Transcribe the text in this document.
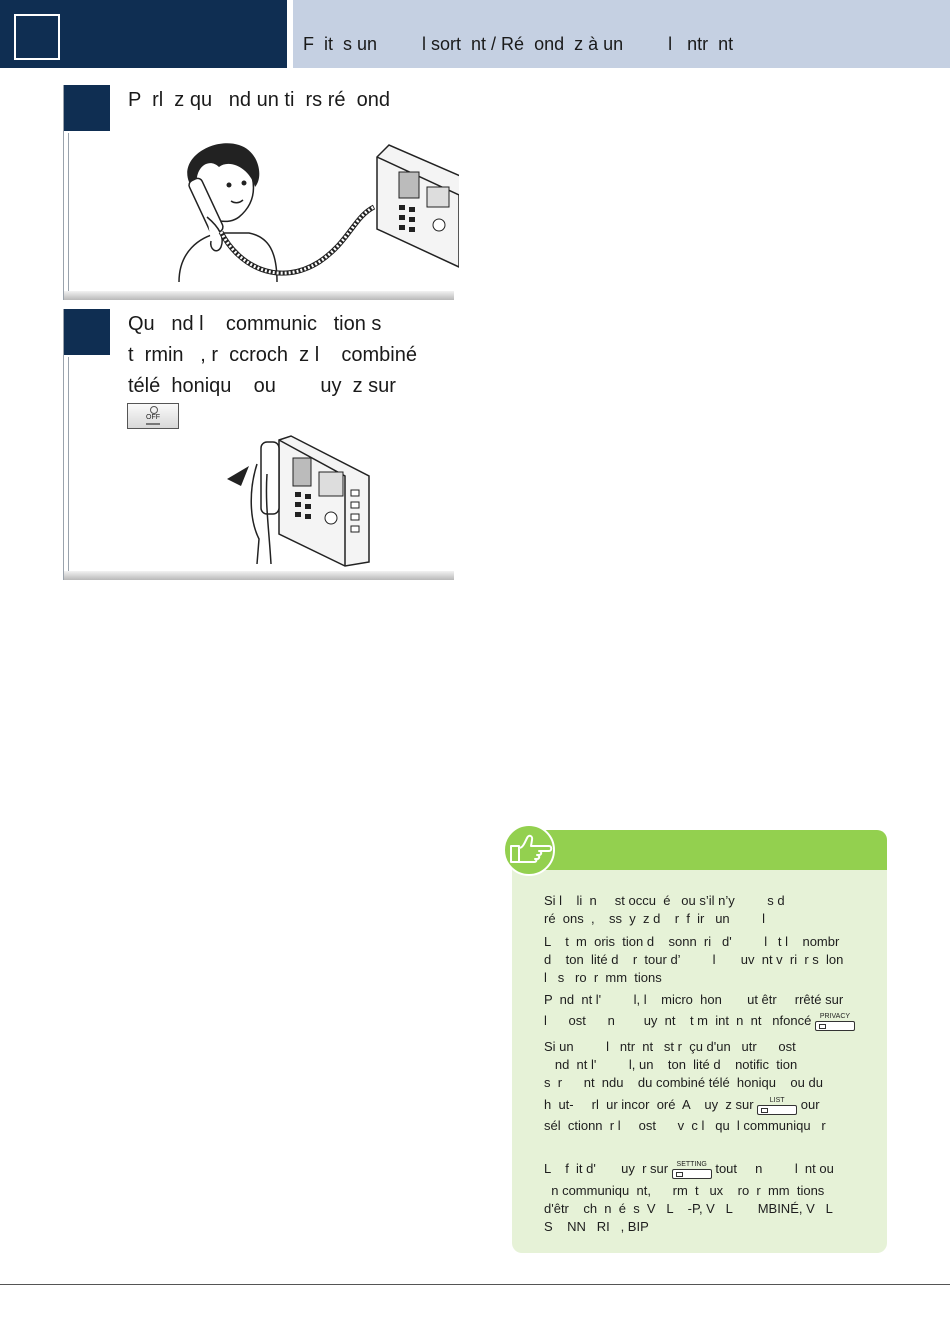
F  it  s un         l sort  nt / Ré  ond  z à un         l   ntr  nt
P  rl  z qu   nd un ti  rs ré  ond
Qu   nd l    communic   tion s
t  rmin   , r  ccroch  z l    combiné
télé  honiqu    ou        uy  z sur
OFF
Si l    li  n     st occu  é   ou s’il n’y         s d
ré  ons  ,    ss  y  z d    r  f  ir   un         l
L    t  m  oris  tion d    sonn  ri   d'         l   t l    nombr
d    ton  lité d    r  tour d’         l       uv  nt v  ri  r s  lon
l   s   ro  r  mm  tions
P  nd  nt l'         l, l    micro  hon       ut êtr     rrêté sur
l      ost      n        uy  nt    t m  int  n  nt   nfoncé	PRIVACY
Si un         l   ntr  nt   st r  çu d'un   utr      ost
nd  nt l'         l, un    ton  lité d    notific  tion
s  r      nt  ndu    du combiné télé  honiqu    ou du
h  ut-     rl  ur incor  oré  A    uy  z sur	LIST	our
sél  ctionn  r l     ost      v  c l   qu  l communiqu   r
L    f  it d'       uy  r sur	SETTING tout     n         l  nt ou
n communiqu  nt,      rm  t   ux    ro  r  mm  tions
d'êtr    ch  n  é  s  V   L    -P, V   L       MBINÉ, V   L
S    NN   RI   , BIP
